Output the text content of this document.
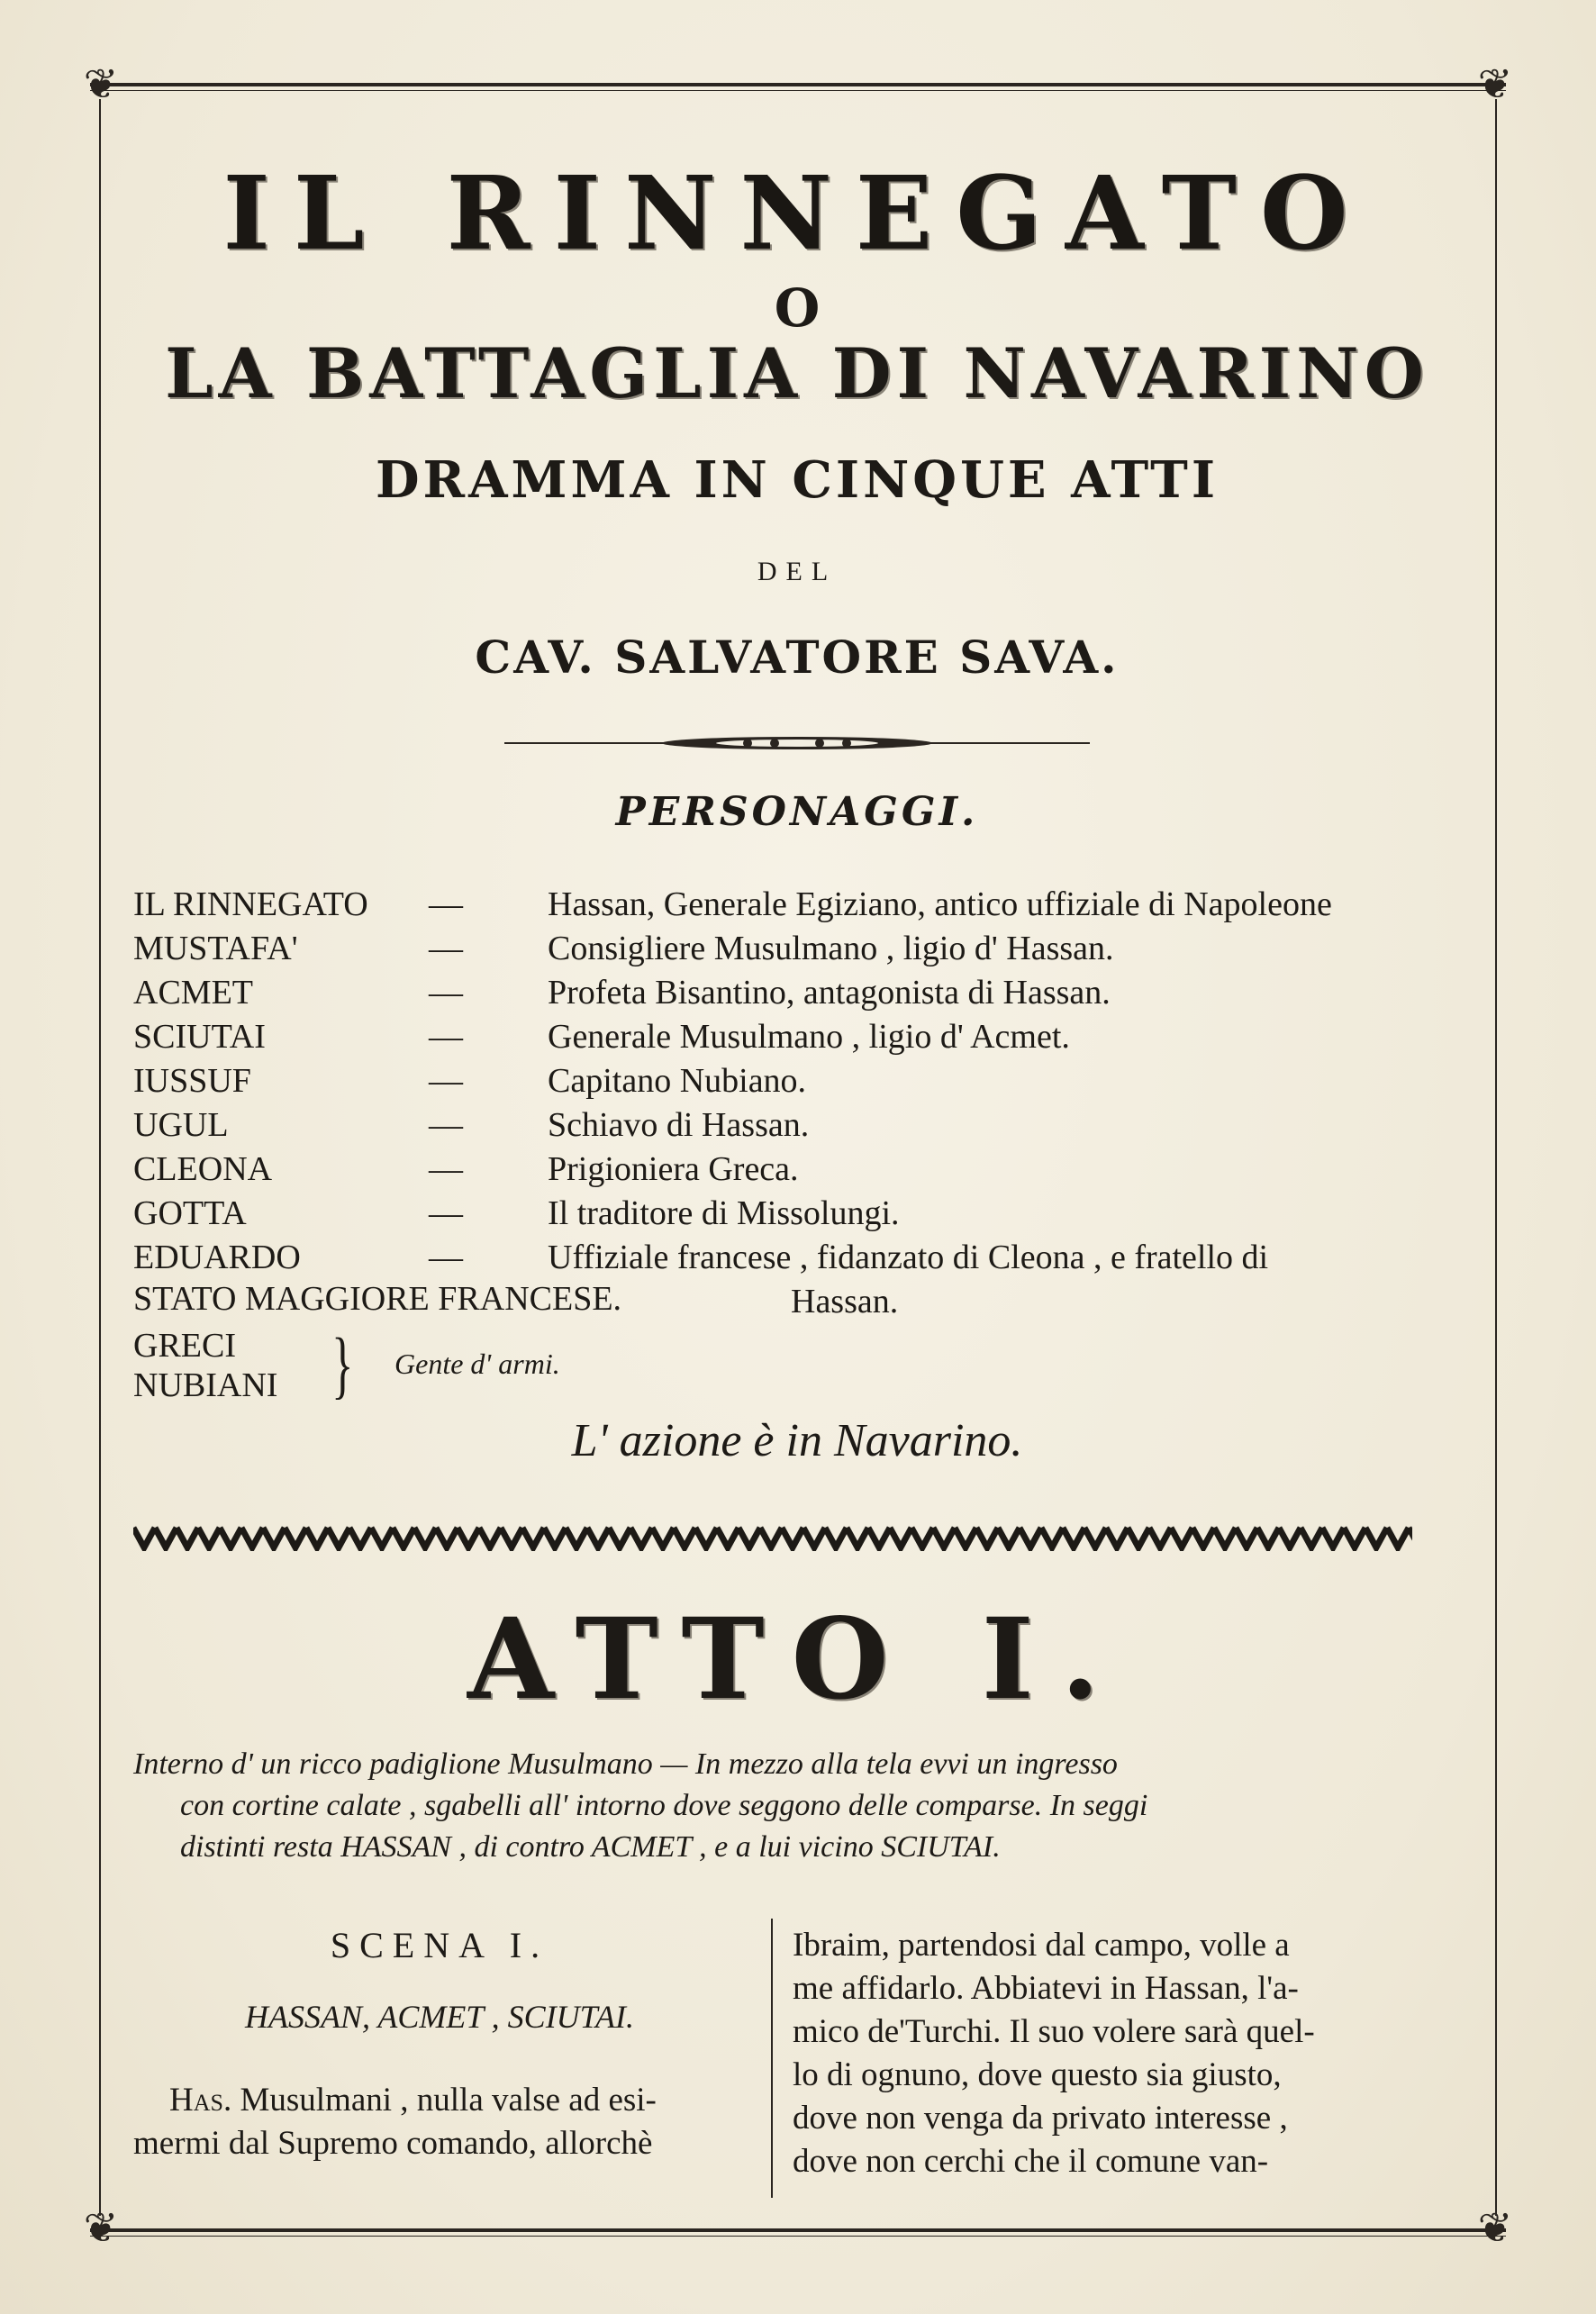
❦	❦
❦	❦
IL RINNEGATO
O
LA BATTAGLIA DI NAVARINO
DRAMMA IN CINQUE ATTI
DEL
CAV. SALVATORE SAVA.
PERSONAGGI.
IL RINNEGATO — Hassan, Generale Egiziano, antico uffiziale di Napoleone
MUSTAFA'	— Consigliere Musulmano , ligio d' Hassan.
ACMET	— Profeta Bisantino, antagonista di Hassan.
SCIUTAI	— Generale Musulmano , ligio d' Acmet.
IUSSUF	— Capitano Nubiano.
UGUL	— Schiavo di Hassan.
CLEONA	— Prigioniera Greca.
GOTTA	— Il traditore di Missolungi.
EDUARDO	— Uffiziale francese , fidanzato di Cleona , e fratello di
Hassan.
STATO MAGGIORE FRANCESE.
GRECI
NUBIANI } Gente d' armi.
L' azione è in Navarino.
ATTO I.
Interno d' un ricco padiglione Musulmano — In mezzo alla tela evvi un ingresso
con cortine calate , sgabelli all' intorno dove seggono delle comparse. In seggi
distinti resta HASSAN , di contro ACMET , e a lui vicino SCIUTAI.
SCENA I.
HASSAN, ACMET , SCIUTAI.
Has. Musulmani , nulla valse ad esi-
mermi dal Supremo comando, allorchè
Ibraim, partendosi dal campo, volle a
me affidarlo. Abbiatevi in Hassan, l'a-
mico de'Turchi. Il suo volere sarà quel-
lo di ognuno, dove questo sia giusto,
dove non venga da privato interesse ,
dove non cerchi che il comune van-
